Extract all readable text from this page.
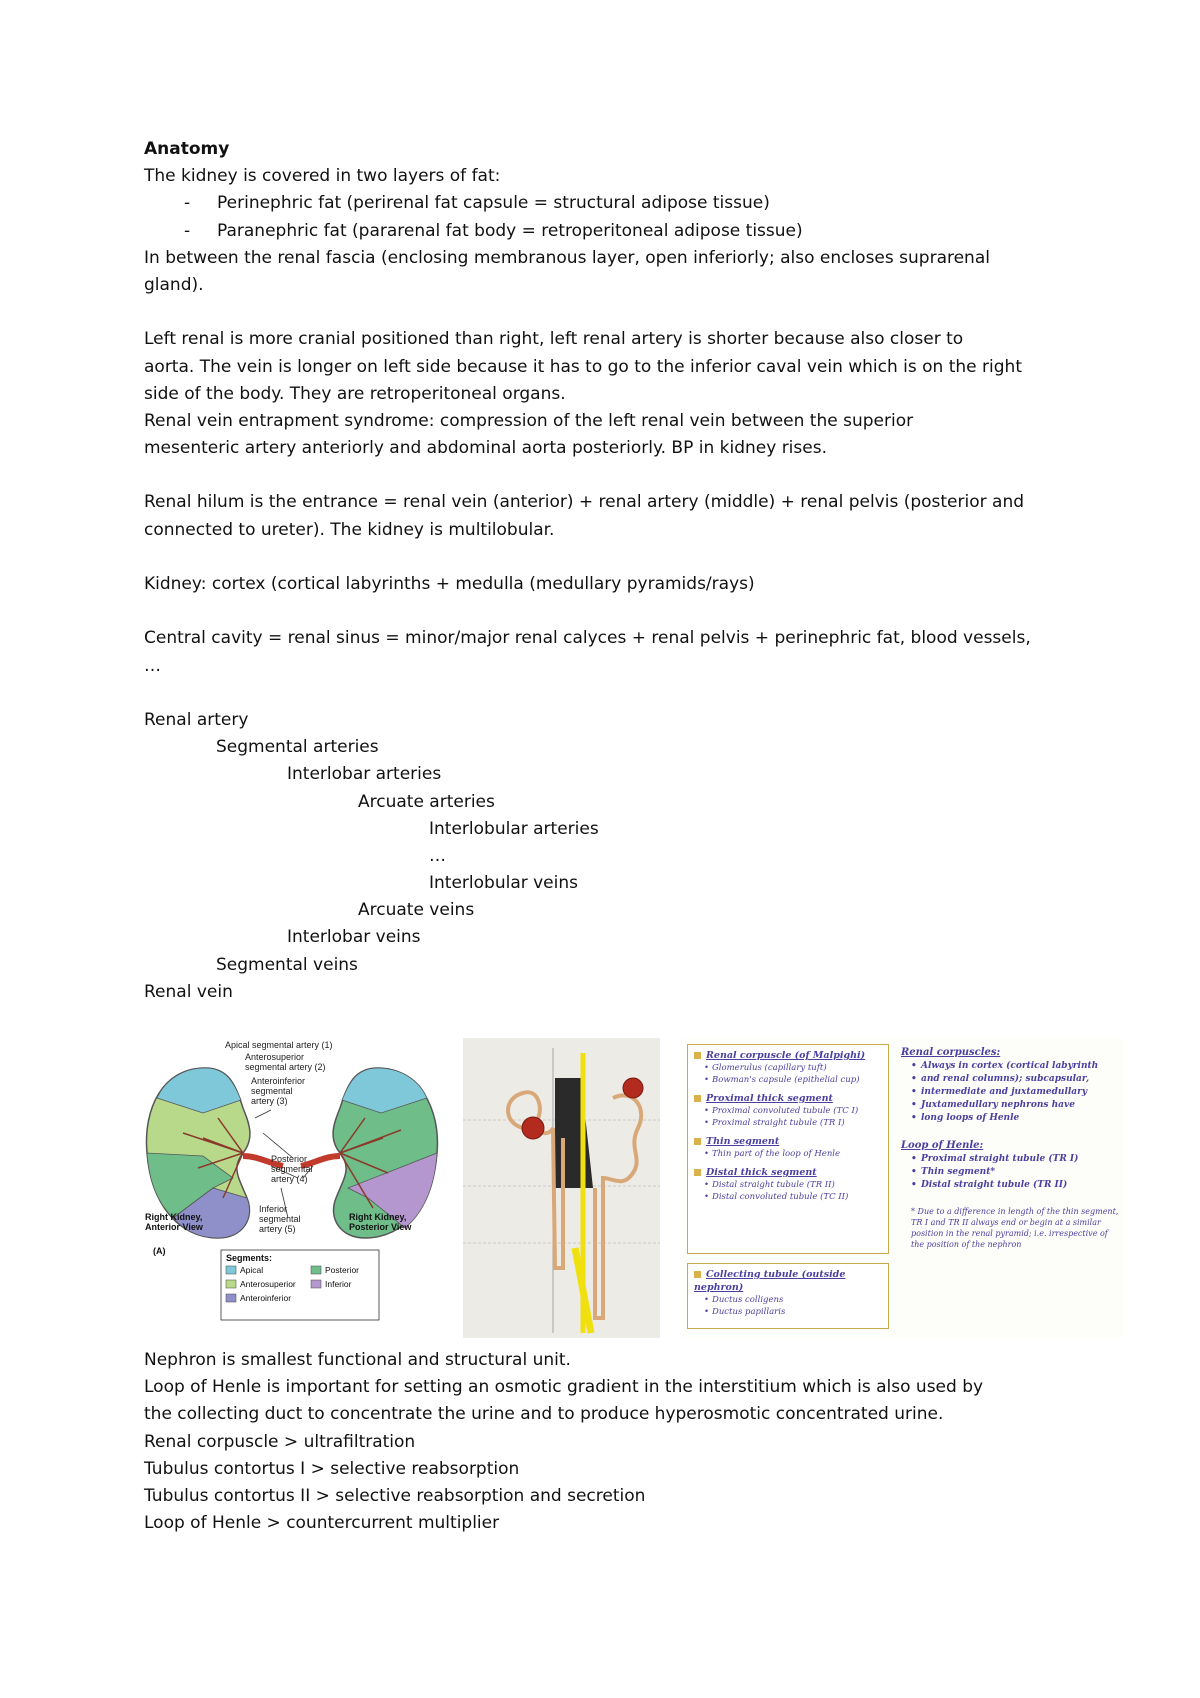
Anatomy

The kidney is covered in two layers of fat:

-	Perinephric fat (perirenal fat capsule = structural adipose tissue)

-	Paranephric fat (pararenal fat body = retroperitoneal adipose tissue)

In between the renal fascia (enclosing membranous layer, open inferiorly; also encloses suprarenal

gland).

Left renal is more cranial positioned than right, left renal artery is shorter because also closer to

aorta. The vein is longer on left side because it has to go to the inferior caval vein which is on the right

side of the body. They are retroperitoneal organs.

Renal vein entrapment syndrome: compression of the left renal vein between the superior

mesenteric artery anteriorly and abdominal aorta posteriorly. BP in kidney rises.

Renal hilum is the entrance = renal vein (anterior) + renal artery (middle) + renal pelvis (posterior and

connected to ureter). The kidney is multilobular.

Kidney: cortex (cortical labyrinths + medulla (medullary pyramids/rays)

Central cavity = renal sinus = minor/major renal calyces + renal pelvis + perinephric fat, blood vessels,

…

Renal artery

Segmental arteries

Interlobar arteries

Arcuate arteries

Interlobular arteries

…

Interlobular veins

Arcuate veins

Interlobar veins

Segmental veins

Renal vein

Apical segmental artery (1)
Anterosuperior
segmental artery (2)
Anteroinferior
segmental
artery (3)
Posterior
segmental
artery (4)
Inferior
segmental
artery (5)
Right Kidney,
Anterior View
Right Kidney,
Posterior View
(A)
Segments:
Apical	Posterior
Anterosuperior	Inferior
Anteroinferior

Renal corpuscle (of Malpighi)

• Glomerulus (capillary tuft)

• Bowman's capsule (epithelial cup)

Proximal thick segment

• Proximal convoluted tubule (TC I)

• Proximal straight tubule (TR I)

Thin segment

• Thin part of the loop of Henle

Distal thick segment

• Distal straight tubule (TR II)

• Distal convoluted tubule (TC II)

Collecting tubule (outside nephron)

• Ductus colligens

• Ductus papillaris

Renal corpuscles:

• Always in cortex (cortical labyrinth

• and renal columns); subcapsular,

• intermediate and juxtamedullary

• Juxtamedullary nephrons have

• long loops of Henle

Loop of Henle:

• Proximal straight tubule (TR I)

• Thin segment*

• Distal straight tubule (TR II)

* Due to a difference in length of the thin segment,

TR I and TR II always end or begin at a similar

position in the renal pyramid; i.e. irrespective of

the position of the nephron

Nephron is smallest functional and structural unit.

Loop of Henle is important for setting an osmotic gradient in the interstitium which is also used by

the collecting duct to concentrate the urine and to produce hyperosmotic concentrated urine.

Renal corpuscle > ultrafiltration

Tubulus contortus I > selective reabsorption

Tubulus contortus II > selective reabsorption and secretion

Loop of Henle > countercurrent multiplier
